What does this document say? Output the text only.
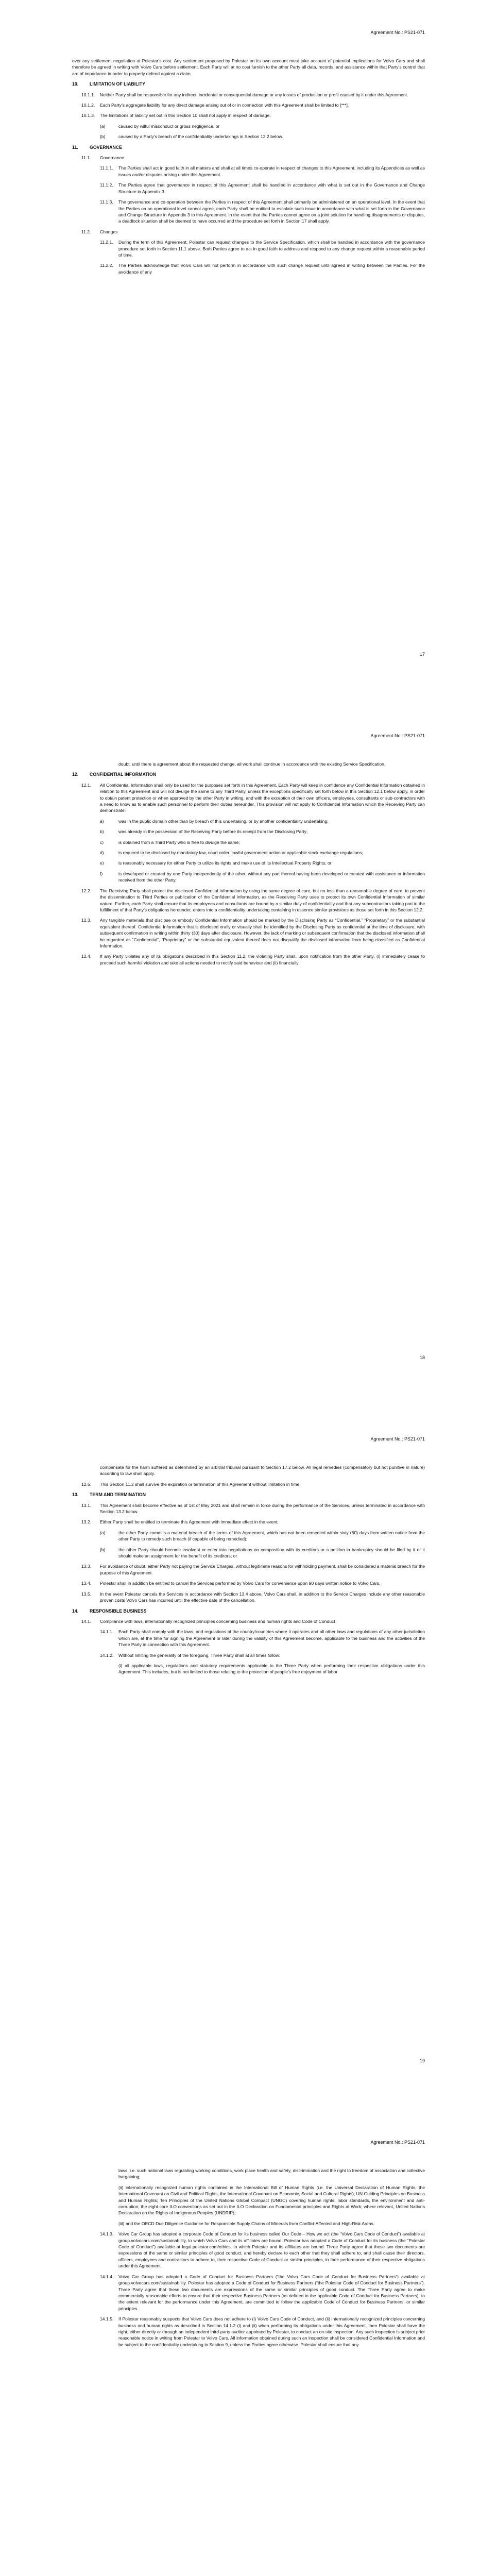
Agreement No.: PS21-071
over any settlement negotiation at Polestar’s cost. Any settlement proposed by Polestar on its own account must take account of potential implications for Volvo Cars and shall therefore be agreed in writing with Volvo Cars before settlement. Each Party will at no cost furnish to the other Party all data, records, and assistance within that Party’s control that are of importance in order to properly defend against a claim.
10.	LIMITATION OF LIABILITY
10.1.1.	Neither Party shall be responsible for any indirect, incidental or consequential damage or any losses of production or profit caused by it under this Agreement.
10.1.2.	Each Party’s aggregate liability for any direct damage arising out of or in connection with this Agreement shall be limited to [***].
10.1.3.	The limitations of liability set out in this Section 10 shall not apply in respect of damage;
(a)	caused by wilful misconduct or gross negligence, or
(b)	caused by a Party’s breach of the confidentiality undertakings in Section 12.2 below.
11.	GOVERNANCE
11.1.	Governance
11.1.1.	The Parties shall act in good faith in all matters and shall at all times co-operate in respect of changes to this Agreement, including its Appendices as well as issues and/or disputes arising under this Agreement.
11.1.2.	The Parties agree that governance in respect of this Agreement shall be handled in accordance with what is set out in the Governance and Change Structure in Appendix 3.
11.1.3.	The governance and co-operation between the Parties in respect of this Agreement shall primarily be administered on an operational level. In the event that the Parties on an operational level cannot agree, each Party shall be entitled to escalate such issue in accordance with what is set forth in the Governance and Change Structure in Appendix 3 to this Agreement. In the event that the Parties cannot agree on a joint solution for handling disagreements or disputes, a deadlock situation shall be deemed to have occurred and the procedure set forth in Section 17 shall apply.
11.2.	Changes
11.2.1.	During the term of this Agreement, Polestar can request changes to the Service Specification, which shall be handled in accordance with the governance procedure set forth in Section 11.1 above. Both Parties agree to act in good faith to address and respond to any change request within a reasonable period of time.
11.2.2.	The Parties acknowledge that Volvo Cars will not perform in accordance with such change request until agreed in writing between the Parties. For the avoidance of any
17
Agreement No.: PS21-071
doubt, until there is agreement about the requested change, all work shall continue in accordance with the existing Service Specification.
12.	CONFIDENTIAL INFORMATION
12.1.	All Confidential Information shall only be used for the purposes set forth in this Agreement. Each Party will keep in confidence any Confidential Information obtained in relation to this Agreement and will not divulge the same to any Third Party, unless the exceptions specifically set forth below in this Section 12.1 below apply, in order to obtain patent protection or when approved by the other Party in writing, and with the exception of their own officers, employees, consultants or sub-contractors with a need to know as to enable such personnel to perform their duties hereunder. This provision will not apply to Confidential Information which the Receiving Party can demonstrate:
a)	was in the public domain other than by breach of this undertaking, or by another confidentiality undertaking;
b)	was already in the possession of the Receiving Party before its receipt from the Disclosing Party;
c)	is obtained from a Third Party who is free to divulge the same;
d)	is required to be disclosed by mandatory law, court order, lawful government action or applicable stock exchange regulations;
e)	is reasonably necessary for either Party to utilize its rights and make use of its Intellectual Property Rights; or
f)	is developed or created by one Party independently of the other, without any part thereof having been developed or created with assistance or information received from the other Party.
12.2.	The Receiving Party shall protect the disclosed Confidential Information by using the same degree of care, but no less than a reasonable degree of care, to prevent the dissemination to Third Parties or publication of the Confidential Information, as the Receiving Party uses to protect its own Confidential Information of similar nature. Further, each Party shall ensure that its employees and consultants are bound by a similar duty of confidentiality and that any subcontractors taking part in the fulfillment of that Party’s obligations hereunder, enters into a confidentiality undertaking containing in essence similar provisions as those set forth in this Section 12.2.
12.3.	Any tangible materials that disclose or embody Confidential Information should be marked by the Disclosing Party as “Confidential,” “Proprietary” or the substantial equivalent thereof. Confidential Information that is disclosed orally or visually shall be identified by the Disclosing Party as confidential at the time of disclosure, with subsequent confirmation in writing within thirty (30) days after disclosure. However, the lack of marking or subsequent confirmation that the disclosed information shall be regarded as “Confidential”, “Proprietary” or the substantial equivalent thereof does not disqualify the disclosed information from being classified as Confidential Information.
12.4.	If any Party violates any of its obligations described in this Section 11.2, the violating Party shall, upon notification from the other Party, (i) immediately cease to proceed such harmful violation and take all actions needed to rectify said behaviour and (ii) financially
18
Agreement No.: PS21-071
compensate for the harm suffered as determined by an arbitral tribunal pursuant to Section 17.2 below. All legal remedies (compensatory but not punitive in nature) according to law shall apply.
12.5.	This Section 11.2 shall survive the expiration or termination of this Agreement without limitation in time.
13.	TERM AND TERMINATION
13.1.	This Agreement shall become effective as of 1st of May 2021 and shall remain in force during the performance of the Services, unless terminated in accordance with Section 13.2 below.
13.2.	Either Party shall be entitled to terminate this Agreement with immediate effect in the event;
(a)	the other Party commits a material breach of the terms of this Agreement, which has not been remedied within sixty (60) days from written notice from the other Party to remedy such breach (if capable of being remedied);
(b)	the other Party should become insolvent or enter into negotiations on composition with its creditors or a petition in bankruptcy should be filed by it or it should make an assignment for the benefit of its creditors; or
13.3.	For avoidance of doubt, either Party not paying the Service Charges, without legitimate reasons for withholding payment, shall be considered a material breach for the purpose of this Agreement.
13.4.	Polestar shall in addition be entitled to cancel the Services performed by Volvo Cars for convenience upon 90 days written notice to Volvo Cars.
13.5.	In the event Polestar cancels the Services in accordance with Section 13.4 above, Volvo Cars shall, in addition to the Service Charges include any other reasonable proven costs Volvo Cars has incurred until the effective date of the cancellation.
14.	RESPONSIBLE BUSINESS
14.1.	Compliance with laws, internationally recognized principles concerning business and human rights and Code of Conduct
14.1.1.	Each Party shall comply with the laws, and regulations of the country/countries where it operates and all other laws and regulations of any other jurisdiction which are, at the time for signing the Agreement or later during the validity of this Agreement become, applicable to the business and the activities of the Three Party in connection with this Agreement.
14.1.2.	Without limiting the generality of the foregoing, Three Party shall at all times follow:
(i) all applicable laws, regulations and statutory requirements applicable to the Three Party when performing their respective obligations under this Agreement. This includes, but is not limited to those relating to the protection of people’s free enjoyment of labor
19
Agreement No.: PS21-071
laws, i.e. such national laws regulating working conditions, work place health and safety, discrimination and the right to freedom of association and collective bargaining;
(ii) internationally recognized human rights contained in the International Bill of Human Rights (i.e. the Universal Declaration of Human Rights, the International Covenant on Civil and Political Rights, the International Covenant on Economic, Social and Cultural Rights); UN Guiding Principles on Business and Human Rights; Ten Principles of the United Nations Global Compact (UNGC) covering human rights, labor standards, the environment and anti-corruption; the eight core ILO conventions as set out in the ILO Declaration on Fundamental principles and Rights at Work; where relevant, United Nations Declaration on the Rights of Indigenous Peoples (UNDRIP);
(iii) and the OECD Due Diligence Guidance for Responsible Supply Chains of Minerals from Conflict-Affected and High-Risk Areas.
14.1.3.	Volvo Car Group has adopted a corporate Code of Conduct for its business called Our Code – How we act (the “Volvo Cars Code of Conduct”) available at group.volvocars.com/sustainability, to which Volvo Cars and its affiliates are bound. Polestar has adopted a Code of Conduct for its business (the “Polestar Code of Conduct”) available at legal.polestar.com/ethics, to which Polestar and its affiliates are bound. Three Party agree that these two documents are expressions of the same or similar principles of good conduct, and hereby declare to each other that they shall adhere to, and shall cause their directors, officers, employees and contractors to adhere to, their respective Code of Conduct or similar principles, in their performance of their respective obligations under this Agreement.
14.1.4.	Volvo Car Group has adopted a Code of Conduct for Business Partners (“the Volvo Cars Code of Conduct for Business Partners”) available at group.volvocars.com/sustainability. Polestar has adopted a Code of Conduct for Business Partners (“the Polestar Code of Conduct for Business Partners”). Three Party agree that these two documents are expressions of the same or similar principles of good conduct. The Three Party agree to make commercially reasonable efforts to ensure that their respective Business Partners (as defined in the applicable Code of Conduct for Business Partners), to the extent relevant for the performance under this Agreement, are committed to follow the applicable Code of Conduct for Business Partners, or similar principles.
14.1.5.	If Polestar reasonably suspects that Volvo Cars does not adhere to (i) Volvo Cars Code of Conduct, and (ii) internationally recognized principles concerning business and human rights as described in Section 14.1.2 (i) and (ii) when performing its obligations under this Agreement, then Polestar shall have the right, either directly or through an independent third-party auditor appointed by Polestar, to conduct an on-site inspection. Any such inspection is subject prior reasonable notice in writing from Polestar to Volvo Cars. All information obtained during such an inspection shall be considered Confidential Information and be subject to the confidentiality undertaking in Section 9, unless the Parties agree otherwise. Polestar shall ensure that any
